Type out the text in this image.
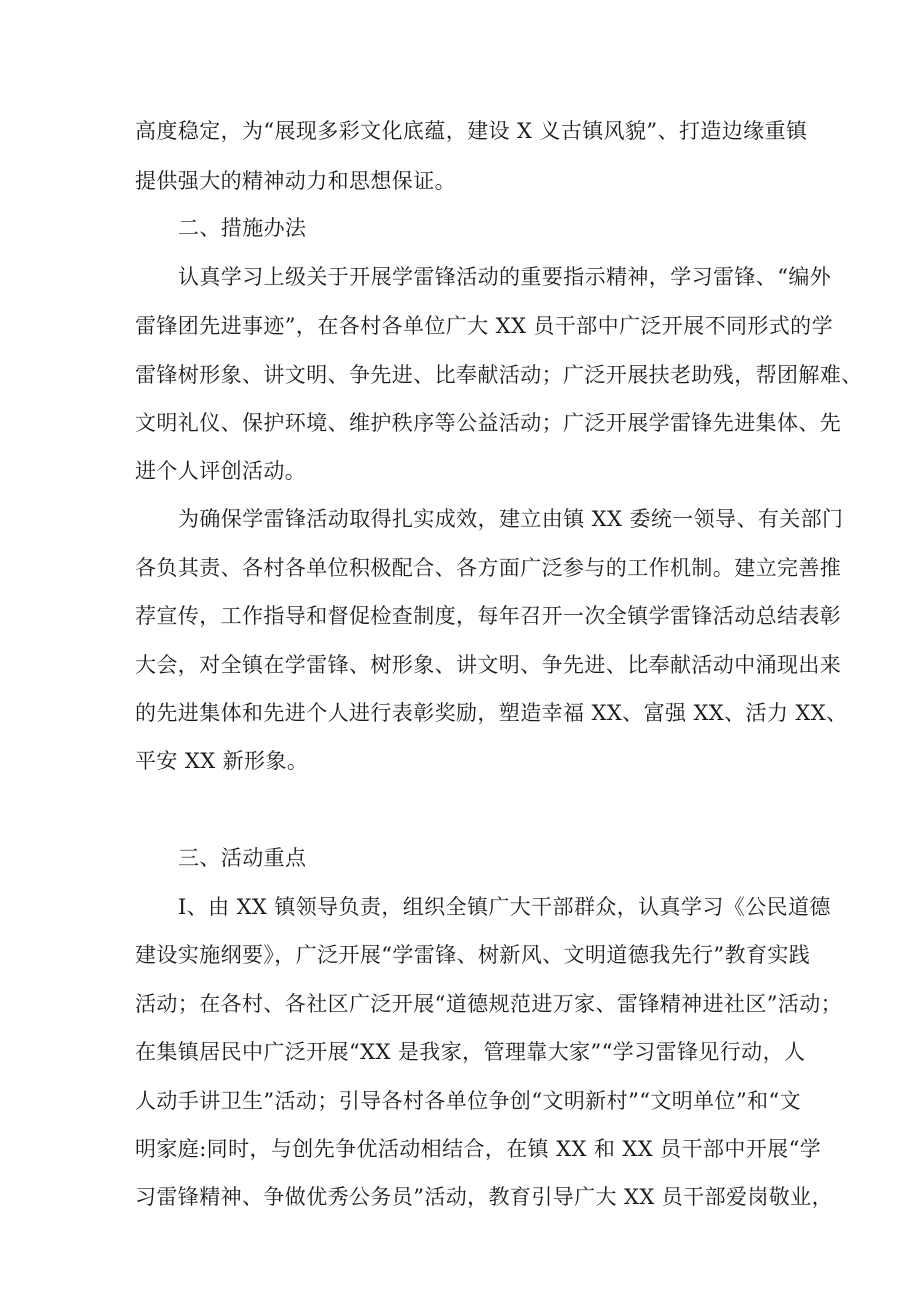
高度稳定，为“展现多彩文化底蕴，建设 X 义古镇风貌”、打造边缘重镇
提供强大的精神动力和思想保证。
二、措施办法
认真学习上级关于开展学雷锋活动的重要指示精神，学习雷锋、“编外
雷锋团先进事迹”，在各村各单位广大 XX 员干部中广泛开展不同形式的学
雷锋树形象、讲文明、争先进、比奉献活动；广泛开展扶老助残，帮团解难、
文明礼仪、保护环境、维护秩序等公益活动；广泛开展学雷锋先进集体、先
进个人评创活动。
为确保学雷锋活动取得扎实成效，建立由镇 XX 委统一领导、有关部门
各负其责、各村各单位积极配合、各方面广泛参与的工作机制。建立完善推
荐宣传，工作指导和督促检查制度，每年召开一次全镇学雷锋活动总结表彰
大会，对全镇在学雷锋、树形象、讲文明、争先进、比奉献活动中涌现出来
的先进集体和先进个人进行表彰奖励，塑造幸福 XX、富强 XX、活力 XX、
平安 XX 新形象。
三、活动重点
I、由 XX 镇领导负责，组织全镇广大干部群众，认真学习《公民道德
建设实施纲要》，广泛开展“学雷锋、树新风、文明道德我先行”教育实践
活动；在各村、各社区广泛开展“道德规范进万家、雷锋精神进社区”活动；
在集镇居民中广泛开展“XX 是我家，管理靠大家”“学习雷锋见行动，人
人动手讲卫生”活动；引导各村各单位争创“文明新村”“文明单位”和“文
明家庭:同时，与创先争优活动相结合，在镇 XX 和 XX 员干部中开展“学
习雷锋精神、争做优秀公务员”活动，教育引导广大 XX 员干部爱岗敬业，
